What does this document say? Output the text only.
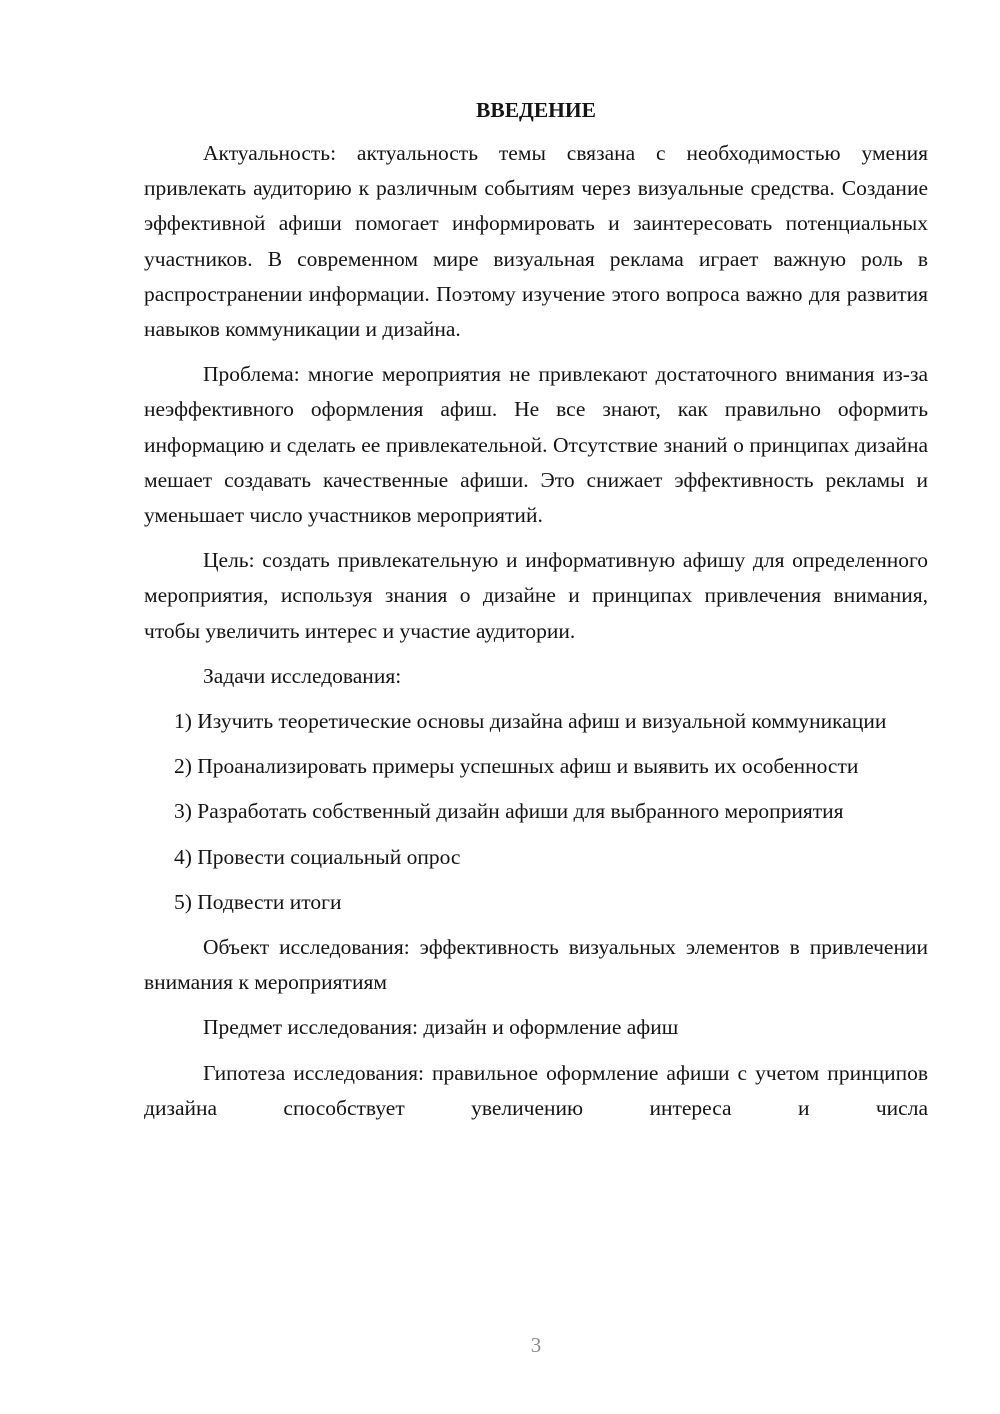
ВВЕДЕНИЕ

Актуальность: актуальность темы связана с необходимостью умения привлекать аудиторию к различным событиям через визуальные средства. Создание эффективной афиши помогает информировать и заинтересовать потенциальных участников. В современном мире визуальная реклама играет важную роль в распространении информации. Поэтому изучение этого вопроса важно для развития навыков коммуникации и дизайна.

Проблема: многие мероприятия не привлекают достаточного внимания из-за неэффективного оформления афиш. Не все знают, как правильно оформить информацию и сделать ее привлекательной. Отсутствие знаний о принципах дизайна мешает создавать качественные афиши. Это снижает эффективность рекламы и уменьшает число участников мероприятий.

Цель: создать привлекательную и информативную афишу для определенного мероприятия, используя знания о дизайне и принципах привлечения внимания, чтобы увеличить интерес и участие аудитории.

Задачи исследования:

1) Изучить теоретические основы дизайна афиш и визуальной коммуникации

2) Проанализировать примеры успешных афиш и выявить их особенности

3) Разработать собственный дизайн афиши для выбранного мероприятия

4) Провести социальный опрос

5) Подвести итоги

Объект исследования: эффективность визуальных элементов в привлечении внимания к мероприятиям

Предмет исследования: дизайн и оформление афиш

Гипотеза исследования: правильное оформление афиши с учетом принципов дизайна способствует увеличению интереса и числа

3
